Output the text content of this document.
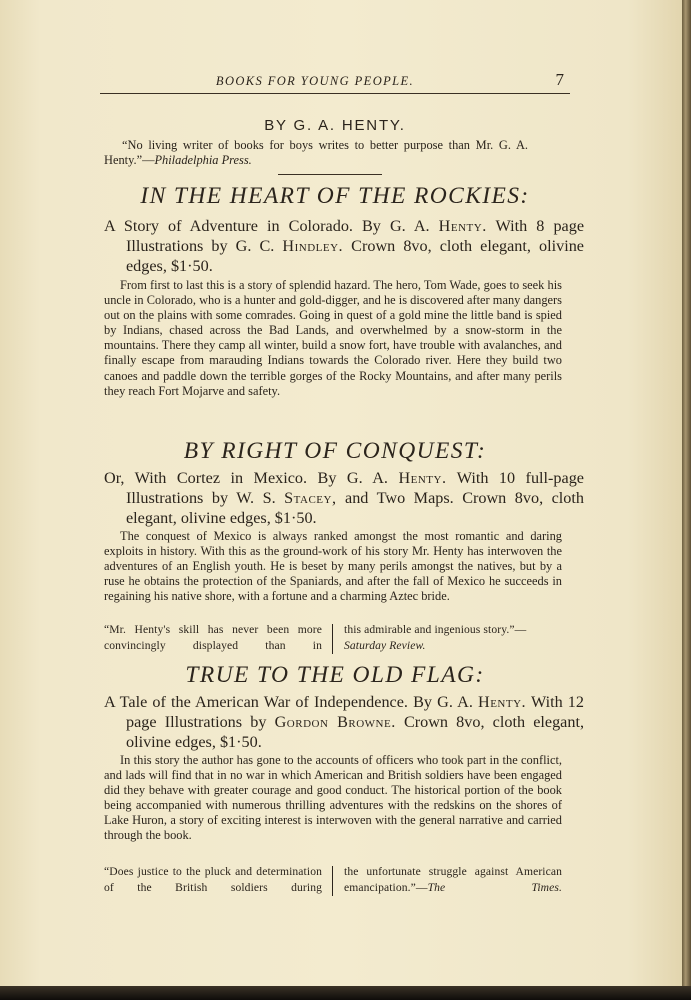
BOOKS FOR YOUNG PEOPLE.	7
BY G. A. HENTY.

“No living writer of books for boys writes to better purpose than Mr. G. A. Henty.”—Philadelphia Press.

IN THE HEART OF THE ROCKIES:

A Story of Adventure in Colorado. By G. A. Henty. With 8 page Illustrations by G. C. Hindley. Crown 8vo, cloth elegant, olivine edges, $1·50.

From first to last this is a story of splendid hazard. The hero, Tom Wade, goes to seek his uncle in Colorado, who is a hunter and gold-digger, and he is discovered after many dangers out on the plains with some comrades. Going in quest of a gold mine the little band is spied by Indians, chased across the Bad Lands, and overwhelmed by a snow-storm in the mountains. There they camp all winter, build a snow fort, have trouble with avalanches, and finally escape from marauding Indians towards the Colorado river. Here they build two canoes and paddle down the terrible gorges of the Rocky Mountains, and after many perils they reach Fort Mojarve and safety.

BY RIGHT OF CONQUEST:

Or, With Cortez in Mexico. By G. A. Henty. With 10 full-page Illustrations by W. S. Stacey, and Two Maps. Crown 8vo, cloth elegant, olivine edges, $1·50.

The conquest of Mexico is always ranked amongst the most romantic and daring exploits in history. With this as the ground-work of his story Mr. Henty has interwoven the adventures of an English youth. He is beset by many perils amongst the natives, but by a ruse he obtains the protection of the Spaniards, and after the fall of Mexico he succeeds in regaining his native shore, with a fortune and a charming Aztec bride.

“Mr. Henty's skill has never been more convincingly displayed than in
this admirable and ingenious story.”—
Saturday Review.
TRUE TO THE OLD FLAG:

A Tale of the American War of Independence. By G. A. Henty. With 12 page Illustrations by Gordon Browne. Crown 8vo, cloth elegant, olivine edges, $1·50.

In this story the author has gone to the accounts of officers who took part in the conflict, and lads will find that in no war in which American and British soldiers have been engaged did they behave with greater courage and good conduct. The historical portion of the book being accompanied with numerous thrilling adventures with the redskins on the shores of Lake Huron, a story of exciting interest is interwoven with the general narrative and carried through the book.

“Does justice to the pluck and determination of the British soldiers during
the unfortunate struggle against American emancipation.”—The Times.
